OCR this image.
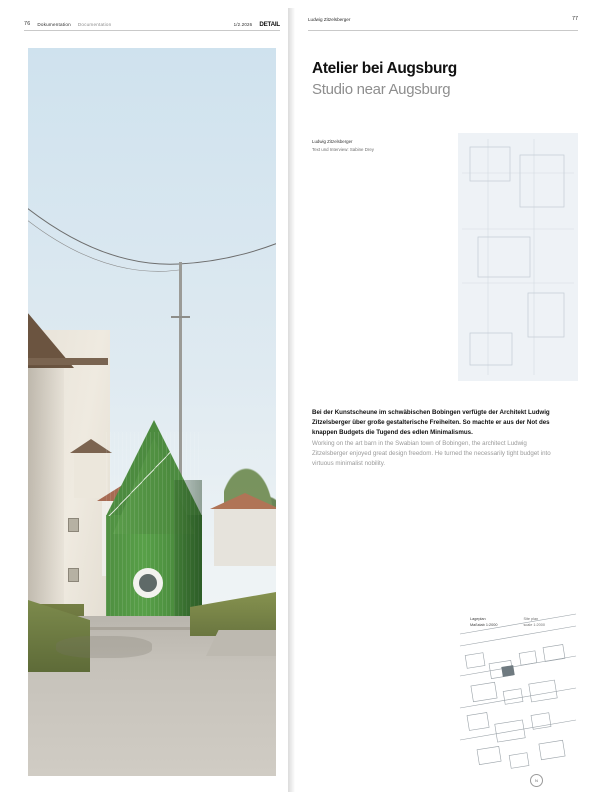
76 Dokumentation Documentation	1/2.2026 DETAIL
Ludwig Zitzelsberger	77
Atelier bei Augsburg
Studio near Augsburg
Ludwig Zitzelsberger
Text und Interview: Sabine Drey
Bei der Kunstscheune im schwäbischen Bobingen verfügte der Architekt Ludwig Zitzelsberger über große gestalterische Freiheiten. So machte er aus der Not des knappen Budgets die Tugend des edlen Minimalismus.
Working on the art barn in the Swabian town of Bobingen, the architect Ludwig Zitzelsberger enjoyed great design freedom. He turned the necessarily tight budget into virtuous minimalist nobility.
Lageplan
Maßstab 1:2000
Site plan
scale 1:2000
N
